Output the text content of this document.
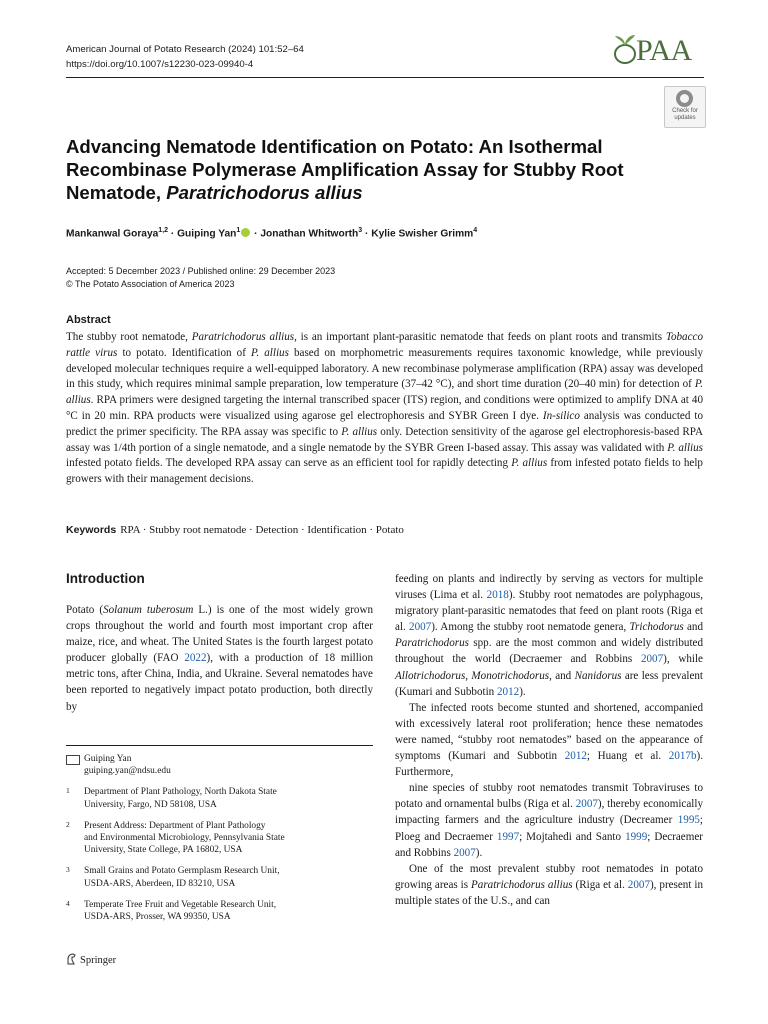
American Journal of Potato Research (2024) 101:52–64
https://doi.org/10.1007/s12230-023-09940-4	PAA
Check for
updates
Advancing Nematode Identification on Potato: An Isothermal
Recombinase Polymerase Amplification Assay for Stubby Root
Nematode, Paratrichodorus allius
Mankanwal Goraya$^{1,2}$ · Guiping Yan$^1$ · Jonathan Whitworth$^3$ · Kylie Swisher Grimm$^4$
Accepted: 5 December 2023 / Published online: 29 December 2023
© The Potato Association of America 2023
Abstract
The stubby root nematode, Paratrichodorus allius, is an important plant-parasitic nematode that feeds on plant roots and transmits Tobacco rattle virus to potato. Identification of P. allius based on morphometric measurements requires taxonomic knowledge, while previously developed molecular techniques require a well-equipped laboratory. A new recombinase polymerase amplification (RPA) assay was developed in this study, which requires minimal sample preparation, low temperature (37–42 °C), and short time duration (20–40 min) for detection of P. allius. RPA primers were designed targeting the internal transcribed spacer (ITS) region, and conditions were optimized to amplify DNA at 40 °C in 20 min. RPA products were visualized using agarose gel electrophoresis and SYBR Green I dye. In-silico analysis was conducted to predict the primer specificity. The RPA assay was specific to P. allius only. Detection sensitivity of the agarose gel electrophoresis-based RPA assay was 1/4th portion of a single nematode, and a single nematode by the SYBR Green I-based assay. This assay was validated with P. allius infested potato fields. The developed RPA assay can serve as an efficient tool for rapidly detecting P. allius from infested potato fields to help growers with their management decisions.
Keywords RPA · Stubby root nematode · Detection · Identification · Potato
Introduction

Potato (Solanum tuberosum L.) is one of the most widely grown crops throughout the world and fourth most important crop after maize, rice, and wheat. The United States is the fourth largest potato producer globally (FAO 2022), with a production of 18 million metric tons, after China, India, and Ukraine. Several nematodes have been reported to negatively impact potato production, both directly by

feeding on plants and indirectly by serving as vectors for multiple viruses (Lima et al. 2018). Stubby root nematodes are polyphagous, migratory plant-parasitic nematodes that feed on plant roots (Riga et al. 2007). Among the stubby root nematode genera, Trichodorus and Paratrichodorus spp. are the most common and widely distributed throughout the world (Decraemer and Robbins 2007), while Allotrichodorus, Monotrichodorus, and Nanidorus are less prevalent (Kumari and Subbotin 2012).

The infected roots become stunted and shortened, accompanied with excessively lateral root proliferation; hence these nematodes were named, “stubby root nematodes” based on the appearance of symptoms (Kumari and Subbotin 2012; Huang et al. 2017b). Furthermore,

nine species of stubby root nematodes transmit Tobraviruses to potato and ornamental bulbs (Riga et al. 2007), thereby economically impacting farmers and the agriculture industry (Decreamer 1995; Ploeg and Decraemer 1997; Mojtahedi and Santo 1999; Decraemer and Robbins 2007).

One of the most prevalent stubby root nematodes in potato growing areas is Paratrichodorus allius (Riga et al. 2007), present in multiple states of the U.S., and can

Guiping Yan
guiping.yan@ndsu.edu
1	Department of Plant Pathology, North Dakota State
University, Fargo, ND 58108, USA
2	Present Address: Department of Plant Pathology
and Environmental Microbiology, Pennsylvania State
University, State College, PA 16802, USA
3	Small Grains and Potato Germplasm Research Unit,
USDA-ARS, Aberdeen, ID 83210, USA
4	Temperate Tree Fruit and Vegetable Research Unit,
USDA-ARS, Prosser, WA 99350, USA
Springer
